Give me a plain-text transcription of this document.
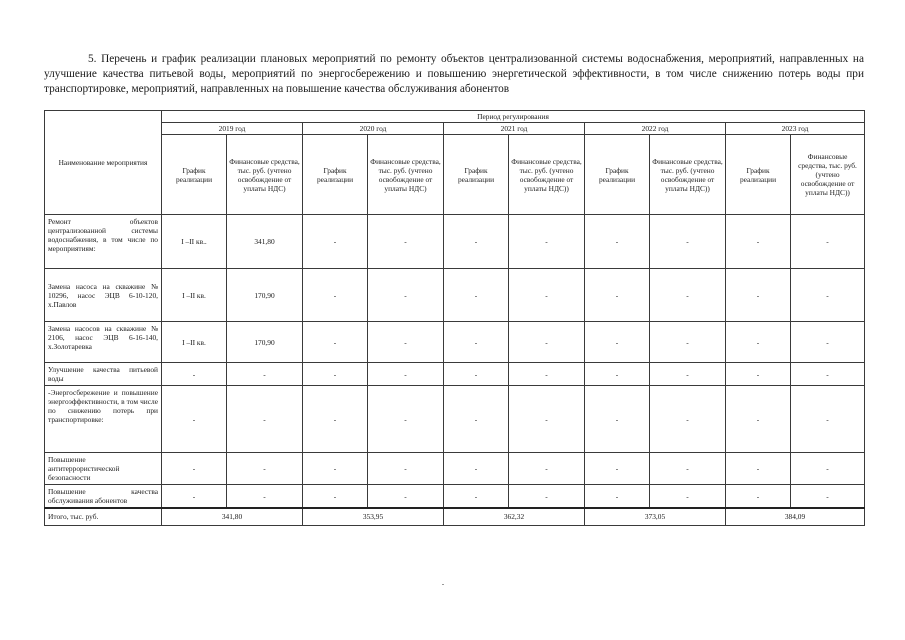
5. Перечень и график реализации плановых мероприятий по ремонту объектов централизованной системы водоснабжения, мероприятий, направленных на улучшение качества питьевой воды, мероприятий по энергосбережению и повышению энергетической эффективности, в том числе снижению потерь воды при транспортировке, мероприятий, направленных на повышение качества обслуживания абонентов
Наименование мероприятия	Период регулирования									
	2019 год		2020 год		2021 год		2022 год		2023 год	
	График реализации	Финансовые средства, тыс. руб. (учтено освобождение от уплаты НДС)	График реализации	Финансовые средства, тыс. руб. (учтено освобождение от уплаты НДС)	График реализации	Финансовые средства, тыс. руб. (учтено освобождение от уплаты НДС))	График реализации	Финансовые средства, тыс. руб. (учтено освобождение от уплаты НДС))	График реализации	Финансовые средства, тыс. руб. (учтено освобождение от уплаты НДС))
Ремонт объектов централизованной системы водоснабжения, в том числе по мероприятиям:	I –II кв..	341,80	-	-	-	-	-	-	-	-
Замена насоса на скважине № 10296, насос ЭЦВ 6-10-120, х.Павлов	I –II кв.	170,90	-	-	-	-	-	-	-	-
Замена насосов на скважине № 2106, насос ЭЦВ 6-16-140, х.Золотаревка	I –II кв.	170,90	-	-	-	-	-	-	-	-
Улучшение качества питьевой воды	-	-	-	-	-	-	-	-	-	-
-Энергосбережение и повышение энергоэффективности, в том числе по снижению потерь при транспортировке:	-	-	-	-	-	-	-	-	-	-
Повышение антитеррористической безопасности	-	-	-	-	-	-	-	-	-	-
Повышение качества обслуживания абонентов	-	-	-	-	-	-	-	-	-	-
Итого, тыс. руб.	341,80		353,95		362,32		373,05		384,09	
